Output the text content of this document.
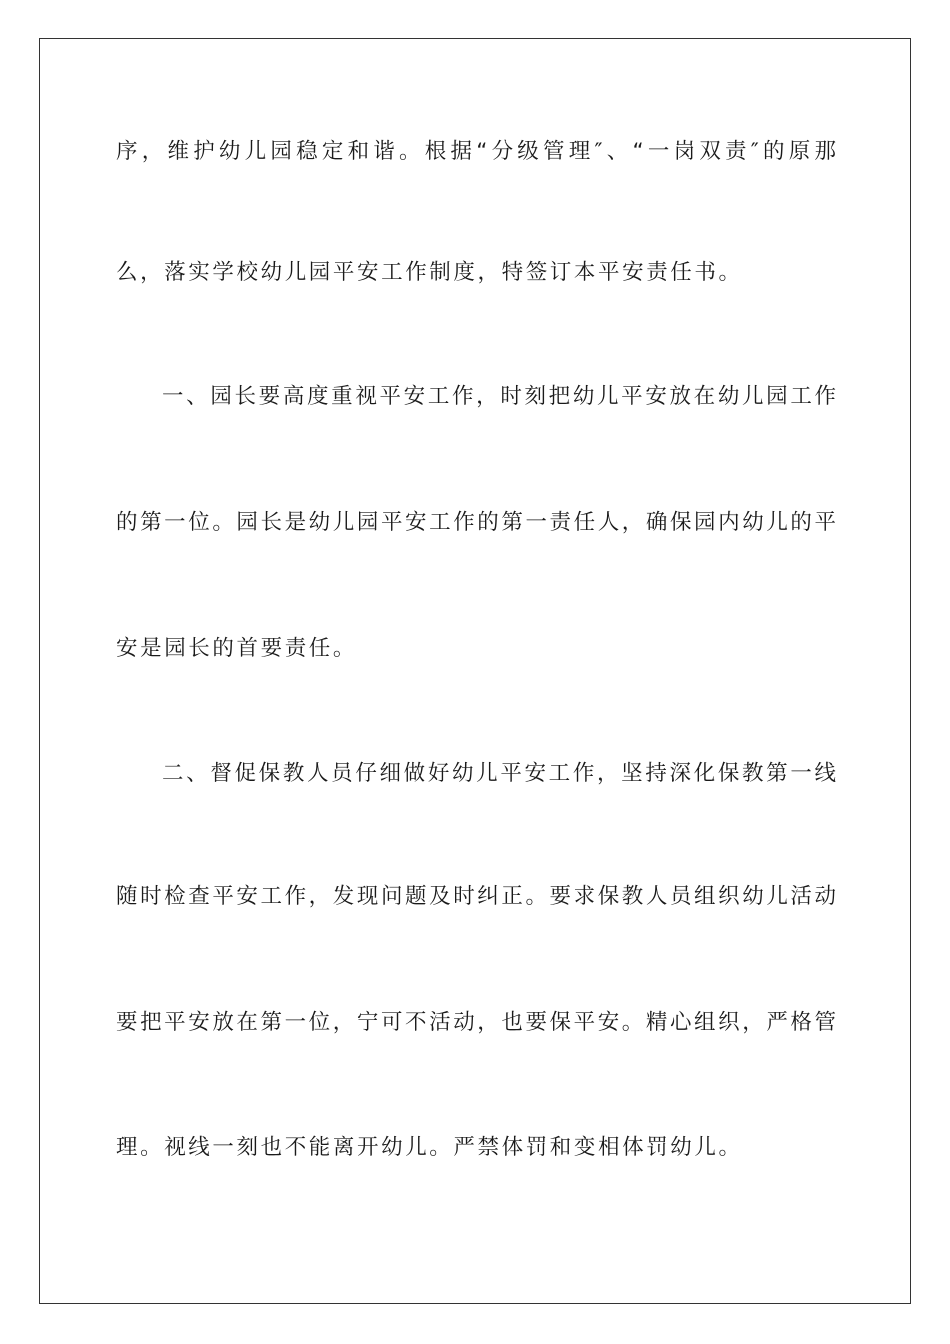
序，维护幼儿园稳定和谐。根据“分级管理″、“一岗双责″的原那
么，落实学校幼儿园平安工作制度，特签订本平安责任书。
一、园长要高度重视平安工作，时刻把幼儿平安放在幼儿园工作
的第一位。园长是幼儿园平安工作的第一责任人，确保园内幼儿的平
安是园长的首要责任。
二、督促保教人员仔细做好幼儿平安工作，坚持深化保教第一线
随时检查平安工作，发现问题及时纠正。要求保教人员组织幼儿活动
要把平安放在第一位，宁可不活动，也要保平安。精心组织，严格管
理。视线一刻也不能离开幼儿。严禁体罚和变相体罚幼儿。
